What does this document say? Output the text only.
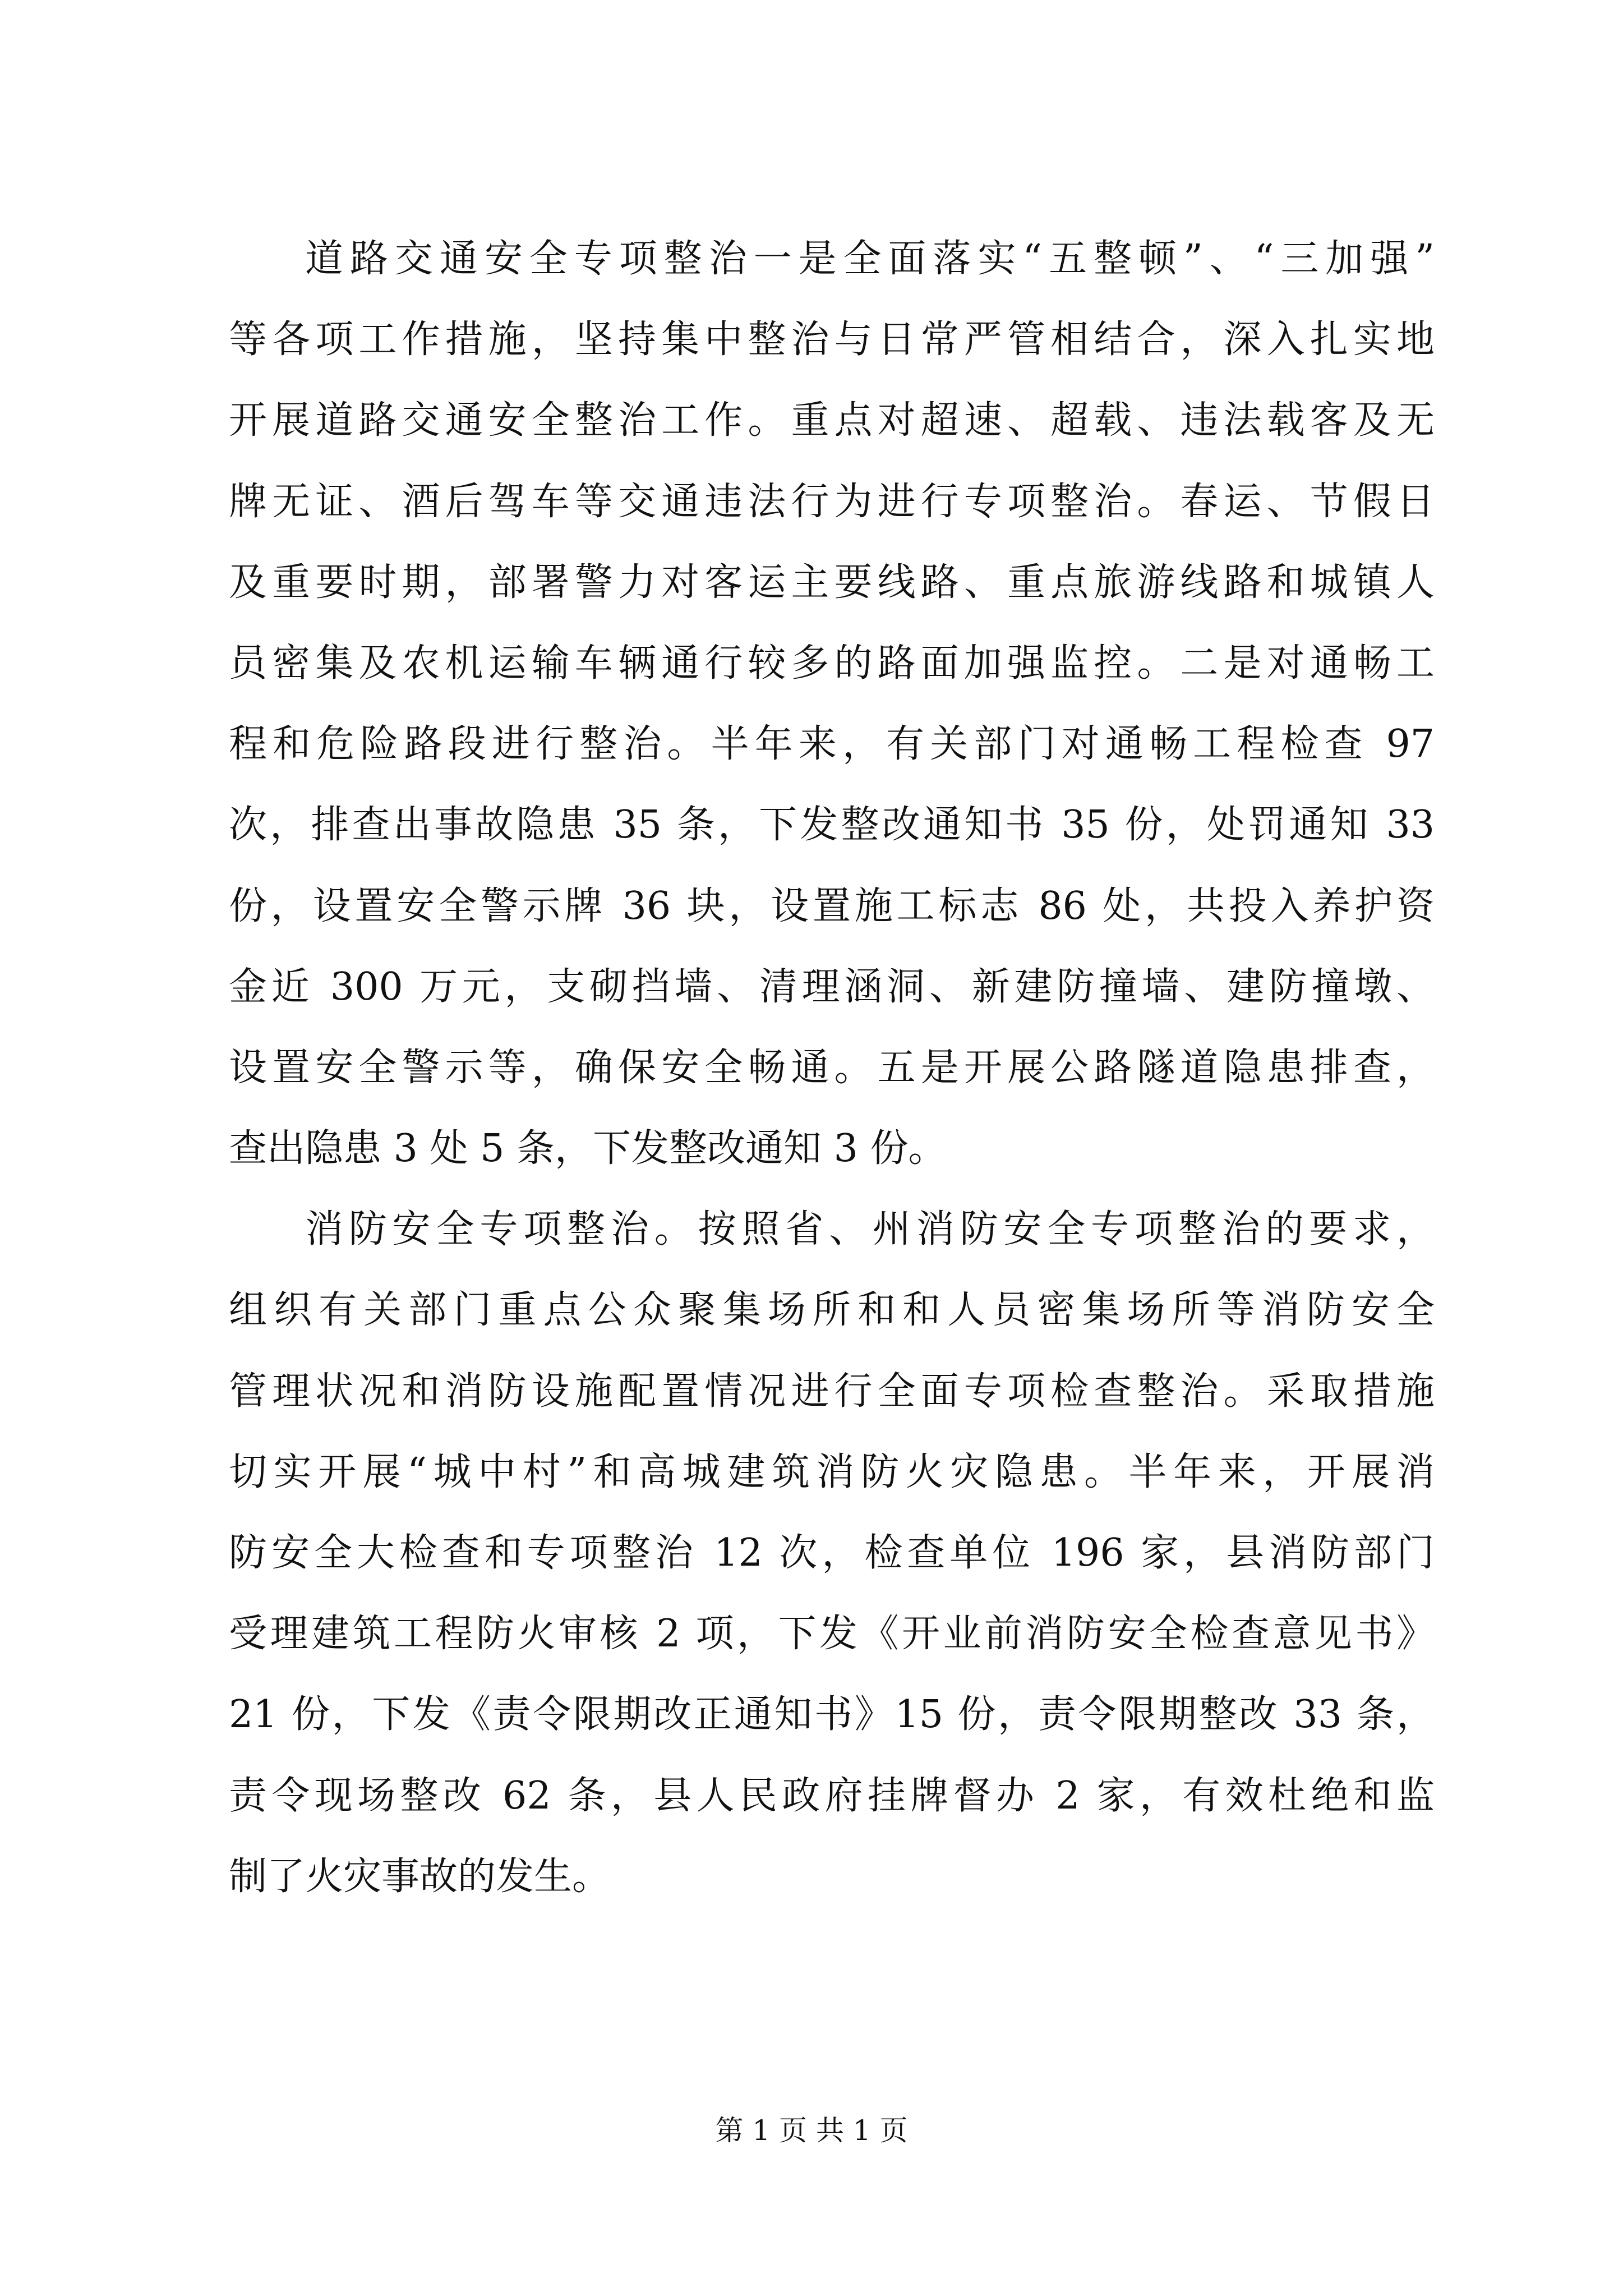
道路交通安全专项整治一是全面落实“五整顿”、“三加强”
等各项工作措施，坚持集中整治与日常严管相结合，深入扎实地
开展道路交通安全整治工作。重点对超速、超载、违法载客及无
牌无证、酒后驾车等交通违法行为进行专项整治。春运、节假日
及重要时期，部署警力对客运主要线路、重点旅游线路和城镇人
员密集及农机运输车辆通行较多的路面加强监控。二是对通畅工
程和危险路段进行整治。半年来，有关部门对通畅工程检查 97
次，排查出事故隐患 35 条，下发整改通知书 35 份，处罚通知 33
份，设置安全警示牌 36 块，设置施工标志 86 处，共投入养护资
金近 300 万元，支砌挡墙、清理涵洞、新建防撞墙、建防撞墩、
设置安全警示等，确保安全畅通。五是开展公路隧道隐患排查，
查出隐患 3 处 5 条，下发整改通知 3 份。
消防安全专项整治。按照省、州消防安全专项整治的要求，
组织有关部门重点公众聚集场所和和人员密集场所等消防安全
管理状况和消防设施配置情况进行全面专项检查整治。采取措施
切实开展“城中村”和高城建筑消防火灾隐患。半年来，开展消
防安全大检查和专项整治 12 次，检查单位 196 家，县消防部门
受理建筑工程防火审核 2 项，下发《开业前消防安全检查意见书》
21 份，下发《责令限期改正通知书》15 份，责令限期整改 33 条，
责令现场整改 62 条，县人民政府挂牌督办 2 家，有效杜绝和监
制了火灾事故的发生。
第 1 页 共 1 页
